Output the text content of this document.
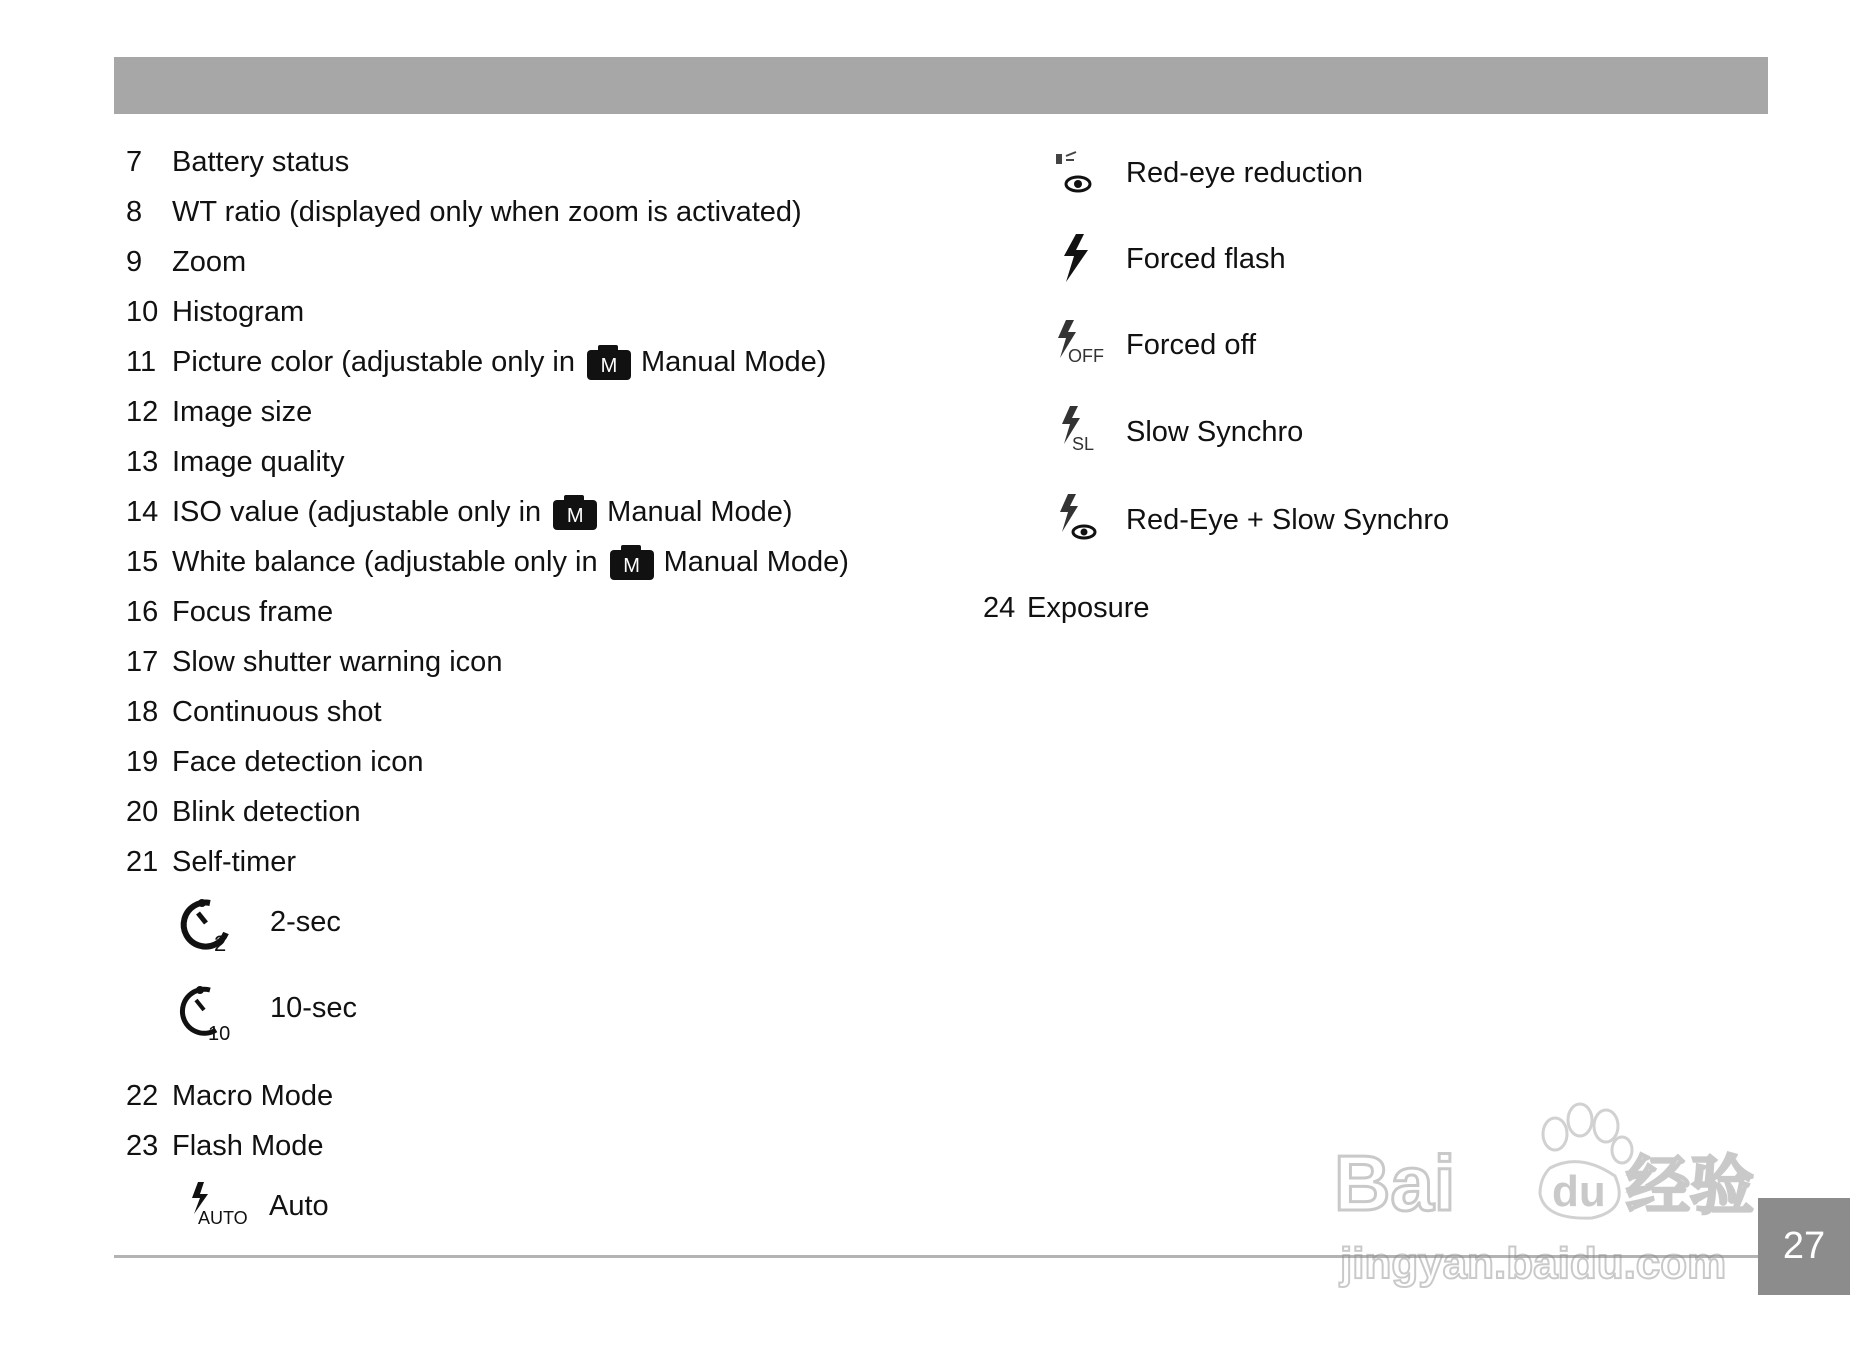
7	Battery status
8	WT ratio (displayed only when zoom is activated)
9	Zoom
10 Histogram
11 Picture color (adjustable only in	M Manual Mode)
12 Image size
13 Image quality
14 ISO value (adjustable only in	M Manual Mode)
15 White balance (adjustable only in	M Manual Mode)
16 Focus frame
17 Slow shutter warning icon
18 Continuous shot
19 Face detection icon
20 Blink detection
21 Self-timer
2
2-sec
10
10-sec
22 Macro Mode
23 Flash Mode
AUTO Auto
Red-eye reduction
Forced flash
OFF Forced off
SL Slow Synchro
Red-Eye + Slow Synchro
24 Exposure
Bai du 经验
jingyan.baidu.com	27
